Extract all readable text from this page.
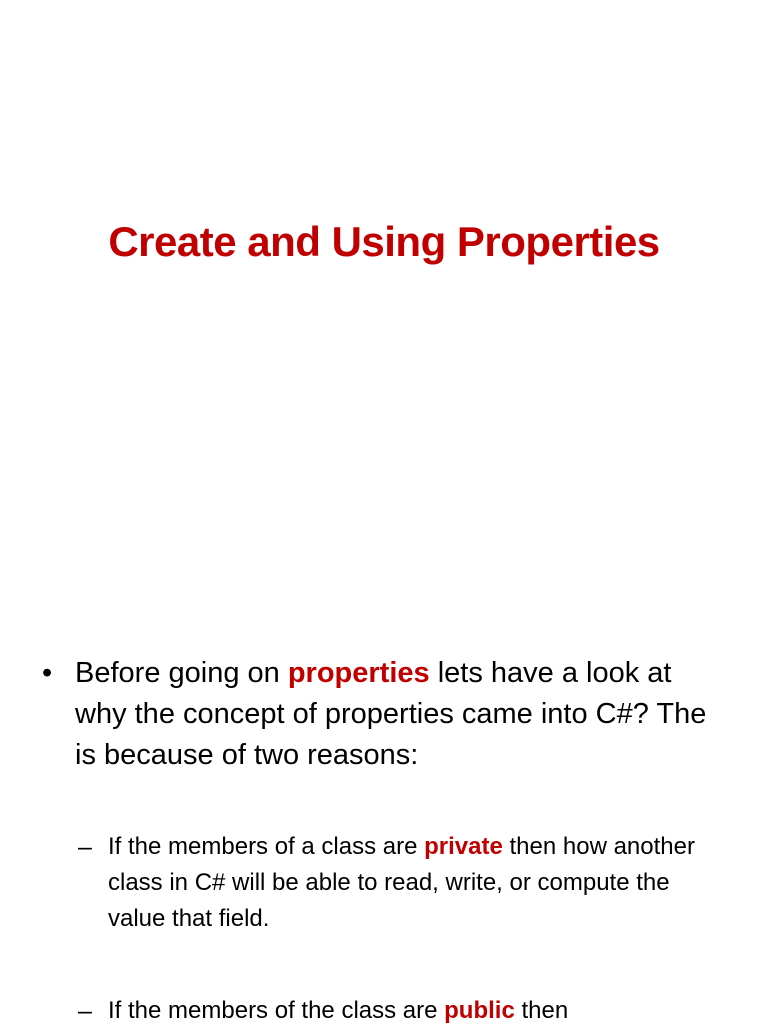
Create and Using Properties
• Before going on properties lets have a look at why the concept of properties came into C#? The is because of two reasons:
– If the members of a class are private then how another class in C# will be able to read, write, or compute the value that field.
– If the members of the class are public then
